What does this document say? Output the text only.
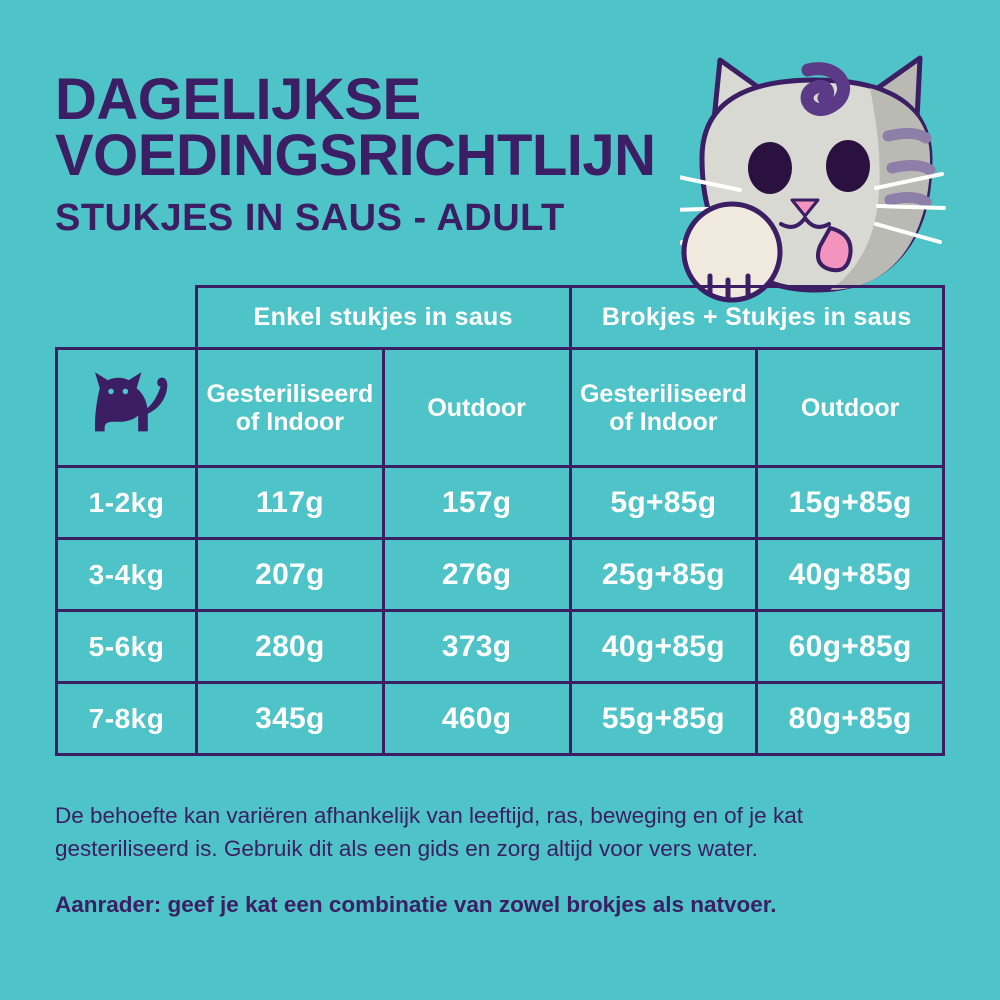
DAGELIJKSE
VOEDINGSRICHTLIJN
STUKJES IN SAUS - ADULT
	Enkel stukjes in saus		Brokjes + Stukjes in saus	
	Gesteriliseerd of Indoor	Outdoor	Gesteriliseerd of Indoor	Outdoor
1-2kg	117g	157g	5g+85g	15g+85g
3-4kg	207g	276g	25g+85g	40g+85g
5-6kg	280g	373g	40g+85g	60g+85g
7-8kg	345g	460g	55g+85g	80g+85g

De behoefte kan variëren afhankelijk van leeftijd, ras, beweging en of je kat gesteriliseerd is. Gebruik dit als een gids en zorg altijd voor vers water.

Aanrader: geef je kat een combinatie van zowel brokjes als natvoer.
